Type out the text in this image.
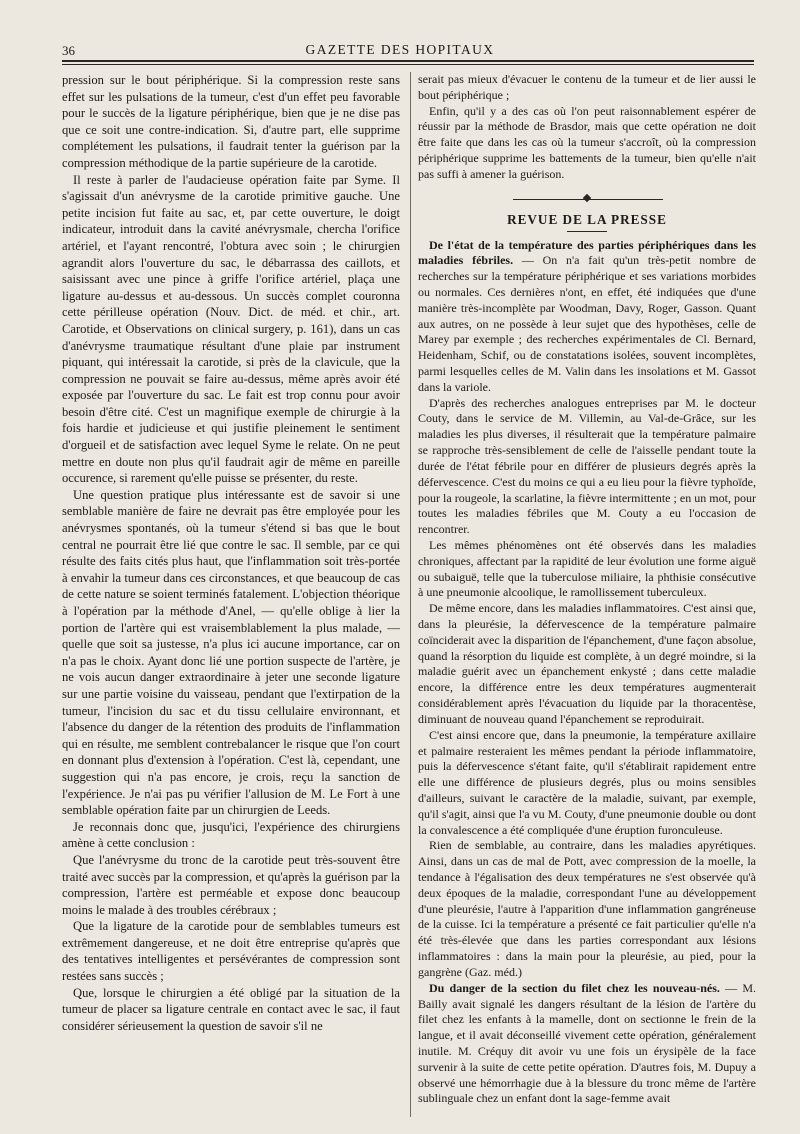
36	GAZETTE DES HOPITAUX

pression sur le bout périphérique. Si la compression reste sans effet sur les pulsations de la tumeur, c'est d'un effet peu favorable pour le succès de la ligature périphérique, bien que je ne dise pas que ce soit une contre-indication. Si, d'autre part, elle supprime complétement les pulsations, il faudrait tenter la guérison par la compression méthodique de la partie supérieure de la carotide.

Il reste à parler de l'audacieuse opération faite par Syme. Il s'agissait d'un anévrysme de la carotide primitive gauche. Une petite incision fut faite au sac, et, par cette ouverture, le doigt indicateur, introduit dans la cavité anévrysmale, chercha l'orifice artériel, et l'ayant rencontré, l'obtura avec soin ; le chirurgien agrandit alors l'ouverture du sac, le débarrassa des caillots, et saisissant avec une pince à griffe l'orifice artériel, plaça une ligature au-dessus et au-dessous. Un succès complet couronna cette périlleuse opération (Nouv. Dict. de méd. et chir., art. Carotide, et Observations on clinical surgery, p. 161), dans un cas d'anévrysme traumatique résultant d'une plaie par instrument piquant, qui intéressait la carotide, si près de la clavicule, que la compression ne pouvait se faire au-dessus, même après avoir été exposée par l'ouverture du sac. Le fait est trop connu pour avoir besoin d'être cité. C'est un magnifique exemple de chirurgie à la fois hardie et judicieuse et qui justifie pleinement le sentiment d'orgueil et de satisfaction avec lequel Syme le relate. On ne peut mettre en doute non plus qu'il faudrait agir de même en pareille occurence, si rarement qu'elle puisse se présenter, du reste.

Une question pratique plus intéressante est de savoir si une semblable manière de faire ne devrait pas être employée pour les anévrysmes spontanés, où la tumeur s'étend si bas que le bout central ne pourrait être lié que contre le sac. Il semble, par ce qui résulte des faits cités plus haut, que l'inflammation soit très-portée à envahir la tumeur dans ces circonstances, et que beaucoup de cas de cette nature se soient terminés fatalement. L'objection théorique à l'opération par la méthode d'Anel, — qu'elle oblige à lier la portion de l'artère qui est vraisemblablement la plus malade, — quelle que soit sa justesse, n'a plus ici aucune importance, car on n'a pas le choix. Ayant donc lié une portion suspecte de l'artère, je ne vois aucun danger extraordinaire à jeter une seconde ligature sur une partie voisine du vaisseau, pendant que l'extirpation de la tumeur, l'incision du sac et du tissu cellulaire environnant, et l'absence du danger de la rétention des produits de l'inflammation qui en résulte, me semblent contrebalancer le risque que l'on court en donnant plus d'extension à l'opération. C'est là, cependant, une suggestion qui n'a pas encore, je crois, reçu la sanction de l'expérience. Je n'ai pas pu vérifier l'allusion de M. Le Fort à une semblable opération faite par un chirurgien de Leeds.

Je reconnais donc que, jusqu'ici, l'expérience des chirurgiens amène à cette conclusion :

Que l'anévrysme du tronc de la carotide peut très-souvent être traité avec succès par la compression, et qu'après la guérison par la compression, l'artère est perméable et expose donc beaucoup moins le malade à des troubles cérébraux ;

Que la ligature de la carotide pour de semblables tumeurs est extrêmement dangereuse, et ne doit être entreprise qu'après que des tentatives intelligentes et persévérantes de compression sont restées sans succès ;

Que, lorsque le chirurgien a été obligé par la situation de la tumeur de placer sa ligature centrale en contact avec le sac, il faut considérer sérieusement la question de savoir s'il ne

serait pas mieux d'évacuer le contenu de la tumeur et de lier aussi le bout périphérique ;

Enfin, qu'il y a des cas où l'on peut raisonnablement espérer de réussir par la méthode de Brasdor, mais que cette opération ne doit être faite que dans les cas où la tumeur s'accroît, où la compression périphérique supprime les battements de la tumeur, bien qu'elle n'ait pas suffi à amener la guérison.

REVUE DE LA PRESSE

De l'état de la température des parties périphériques dans les maladies fébriles. — On n'a fait qu'un très-petit nombre de recherches sur la température périphérique et ses variations morbides ou normales. Ces dernières n'ont, en effet, été indiquées que d'une manière très-incomplète par Woodman, Davy, Roger, Gasson. Quant aux autres, on ne possède à leur sujet que des hypothèses, celle de Marey par exemple ; des recherches expérimentales de Cl. Bernard, Heidenham, Schif, ou de constatations isolées, souvent incomplètes, parmi lesquelles celles de M. Valin dans les insolations et M. Gassot dans la variole.

D'après des recherches analogues entreprises par M. le docteur Couty, dans le service de M. Villemin, au Val-de-Grâce, sur les maladies les plus diverses, il résulterait que la température palmaire se rapproche très-sensiblement de celle de l'aisselle pendant toute la durée de l'état fébrile pour en différer de plusieurs degrés après la défervescence. C'est du moins ce qui a eu lieu pour la fièvre typhoïde, pour la rougeole, la scarlatine, la fièvre intermittente ; en un mot, pour toutes les maladies fébriles que M. Couty a eu l'occasion de rencontrer.

Les mêmes phénomènes ont été observés dans les maladies chroniques, affectant par la rapidité de leur évolution une forme aiguë ou subaiguë, telle que la tuberculose miliaire, la phthisie consécutive à une pneumonie alcoolique, le ramollissement tuberculeux.

De même encore, dans les maladies inflammatoires. C'est ainsi que, dans la pleurésie, la défervescence de la température palmaire coïnciderait avec la disparition de l'épanchement, d'une façon absolue, quand la résorption du liquide est complète, à un degré moindre, si la maladie guérit avec un épanchement enkysté ; dans cette maladie encore, la différence entre les deux températures augmenterait considérablement après l'évacuation du liquide par la thoracentèse, diminuant de nouveau quand l'épanchement se reproduirait.

C'est ainsi encore que, dans la pneumonie, la température axillaire et palmaire resteraient les mêmes pendant la période inflammatoire, puis la défervescence s'étant faite, qu'il s'établirait rapidement entre elle une différence de plusieurs degrés, plus ou moins sensibles d'ailleurs, suivant le caractère de la maladie, suivant, par exemple, qu'il s'agit, ainsi que l'a vu M. Couty, d'une pneumonie double ou dont la convalescence a été compliquée d'une éruption furonculeuse.

Rien de semblable, au contraire, dans les maladies apyrétiques. Ainsi, dans un cas de mal de Pott, avec compression de la moelle, la tendance à l'égalisation des deux températures ne s'est observée qu'à deux époques de la maladie, correspondant l'une au développement d'une pleurésie, l'autre à l'apparition d'une inflammation gangréneuse de la cuisse. Ici la température a présenté ce fait particulier qu'elle n'a été très-élevée que dans les parties correspondant aux lésions inflammatoires : dans la main pour la pleurésie, au pied, pour la gangrène (Gaz. méd.)

Du danger de la section du filet chez les nouveau-nés. — M. Bailly avait signalé les dangers résultant de la lésion de l'artère du filet chez les enfants à la mamelle, dont on sectionne le frein de la langue, et il avait déconseillé vivement cette opération, généralement inutile. M. Créquy dit avoir vu une fois un érysipèle de la face survenir à la suite de cette petite opération. D'autres fois, M. Dupuy a observé une hémorrhagie due à la blessure du tronc même de l'artère sublinguale chez un enfant dont la sage-femme avait
